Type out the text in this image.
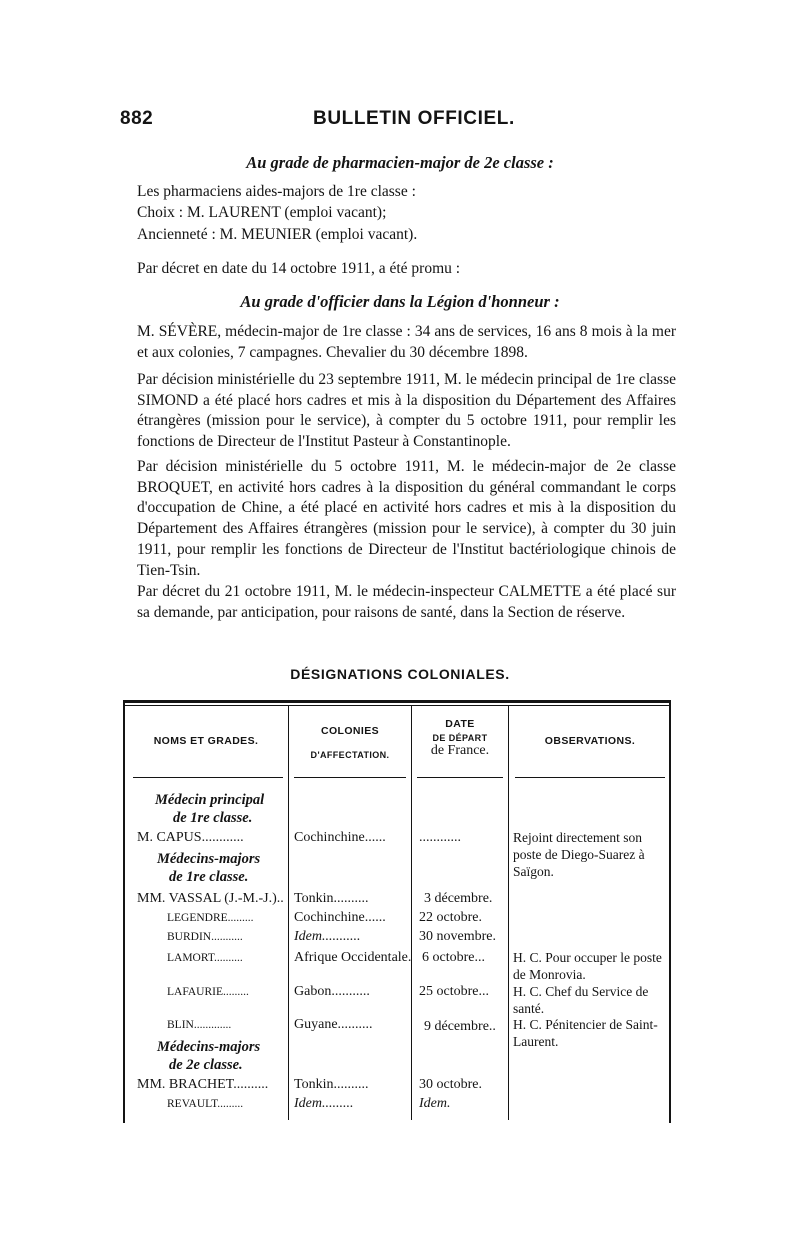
882	BULLETIN OFFICIEL.
Au grade de pharmacien-major de 2e classe :
Les pharmaciens aides-majors de 1re classe :
Choix : M. LAURENT (emploi vacant);
Ancienneté : M. MEUNIER (emploi vacant).
Par décret en date du 14 octobre 1911, a été promu :
Au grade d'officier dans la Légion d'honneur :
M. SÉVÈRE, médecin-major de 1re classe : 34 ans de services, 16 ans 8 mois à la mer et aux colonies, 7 campagnes. Chevalier du 30 décembre 1898.
Par décision ministérielle du 23 septembre 1911, M. le médecin principal de 1re classe SIMOND a été placé hors cadres et mis à la disposition du Département des Affaires étrangères (mission pour le service), à compter du 5 octobre 1911, pour remplir les fonctions de Directeur de l'Institut Pasteur à Constantinople.
Par décision ministérielle du 5 octobre 1911, M. le médecin-major de 2e classe BROQUET, en activité hors cadres à la disposition du général commandant le corps d'occupation de Chine, a été placé en activité hors cadres et mis à la disposition du Département des Affaires étrangères (mission pour le service), à compter du 30 juin 1911, pour remplir les fonctions de Directeur de l'Institut bactériologique chinois de Tien-Tsin.
Par décret du 21 octobre 1911, M. le médecin-inspecteur CALMETTE a été placé sur sa demande, par anticipation, pour raisons de santé, dans la Section de réserve.
DÉSIGNATIONS COLONIALES.
NOMS ET GRADES.
COLONIES
D'AFFECTATION.
DATE
DE DÉPART
de France.
OBSERVATIONS.
Médecin principal
de 1re classe.
M. CAPUS............	Cochinchine...... ............	Rejoint directement son poste de Diego-Suarez à Saïgon.
Médecins-majors
de 1re classe.
MM. VASSAL (J.-M.-J.).. Tonkin..........	3 décembre.
LEGENDRE.........	Cochinchine...... 22 octobre.
BURDIN...........	Idem...........	30 novembre.
LAMORT..........	Afrique Occidentale. 6 octobre... H. C. Pour occuper le poste de Monrovia.
LAFAURIE.........	Gabon...........	25 octobre... H. C. Chef du Service de santé.
BLIN.............	Guyane..........	9 décembre.. H. C. Pénitencier de Saint-Laurent.
Médecins-majors
de 2e classe.
MM. BRACHET.......... Tonkin..........	30 octobre.
REVAULT.........	Idem.........	Idem.
